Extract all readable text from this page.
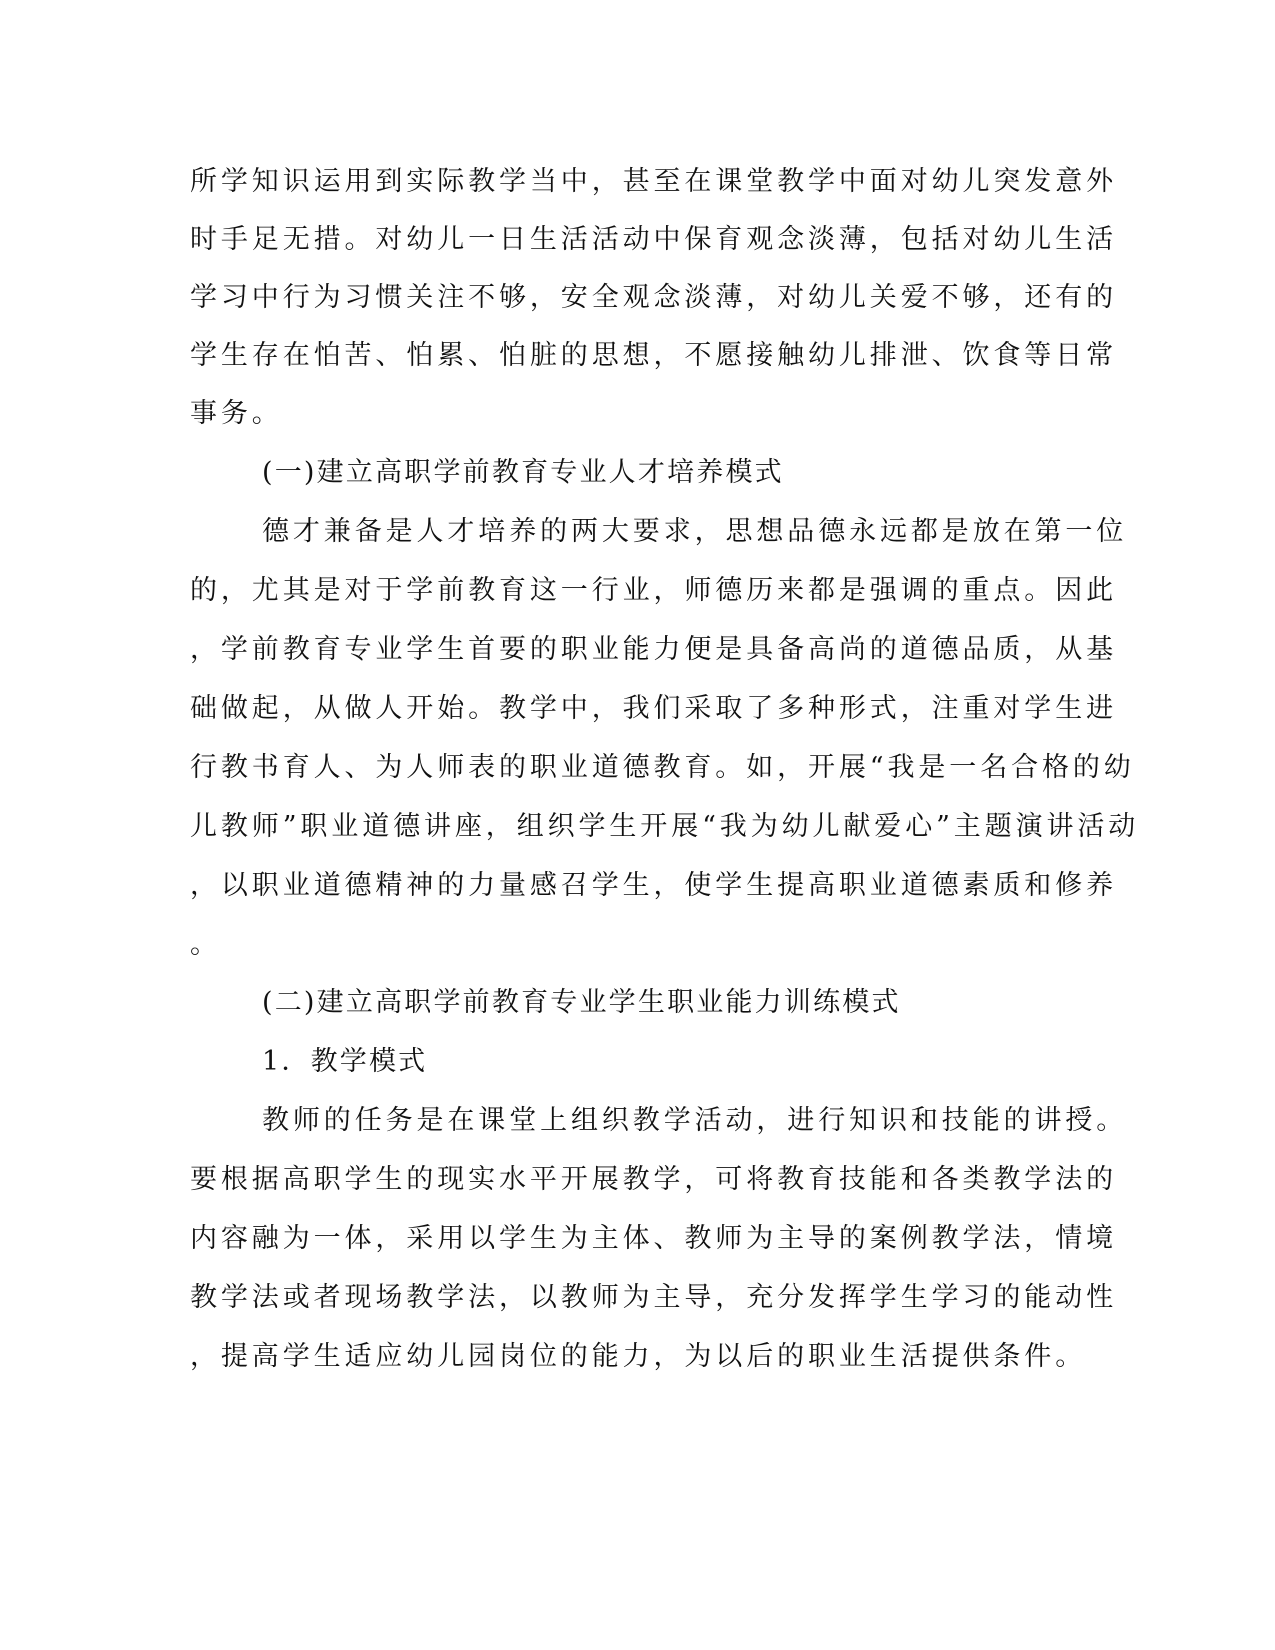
所学知识运用到实际教学当中，甚至在课堂教学中面对幼儿突发意外
时手足无措。对幼儿一日生活活动中保育观念淡薄，包括对幼儿生活
学习中行为习惯关注不够，安全观念淡薄，对幼儿关爱不够，还有的
学生存在怕苦、怕累、怕脏的思想，不愿接触幼儿排泄、饮食等日常
事务。
(一)建立高职学前教育专业人才培养模式
德才兼备是人才培养的两大要求，思想品德永远都是放在第一位
的，尤其是对于学前教育这一行业，师德历来都是强调的重点。因此
，学前教育专业学生首要的职业能力便是具备高尚的道德品质，从基
础做起，从做人开始。教学中，我们采取了多种形式，注重对学生进
行教书育人、为人师表的职业道德教育。如，开展“我是一名合格的幼
儿教师”职业道德讲座，组织学生开展“我为幼儿献爱心”主题演讲活动
，以职业道德精神的力量感召学生，使学生提高职业道德素质和修养
。
(二)建立高职学前教育专业学生职业能力训练模式
1．教学模式
教师的任务是在课堂上组织教学活动，进行知识和技能的讲授。
要根据高职学生的现实水平开展教学，可将教育技能和各类教学法的
内容融为一体，采用以学生为主体、教师为主导的案例教学法，情境
教学法或者现场教学法，以教师为主导，充分发挥学生学习的能动性
，提高学生适应幼儿园岗位的能力，为以后的职业生活提供条件。
